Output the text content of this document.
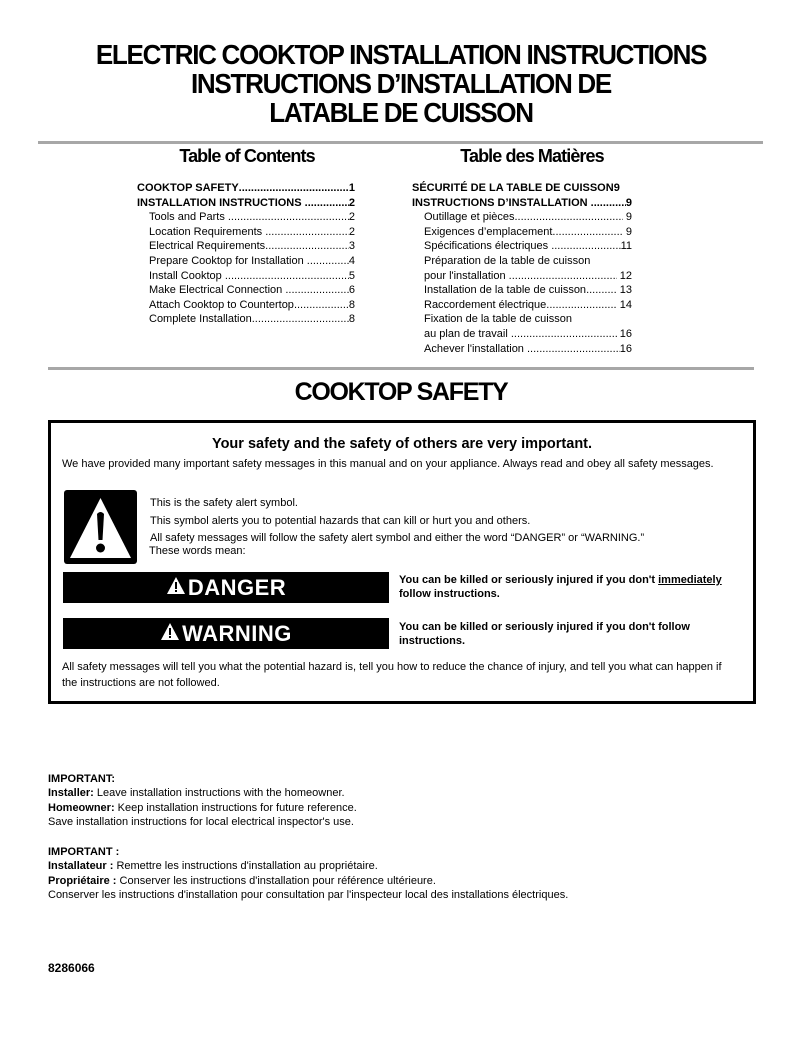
ELECTRIC COOKTOP INSTALLATION INSTRUCTIONS
INSTRUCTIONS D’INSTALLATION DE
LATABLE DE CUISSON
Table of Contents
COOKTOP SAFETY .....	1
INSTALLATION INSTRUCTIONS .....	2
Tools and Parts .....	2
Location Requirements .....	2
Electrical Requirements .....	3
Prepare Cooktop for Installation .....	4
Install Cooktop .....	5
Make Electrical Connection .....	6
Attach Cooktop to Countertop .....	8
Complete Installation .....	8
Table des Matières
SÉCURITÉ DE LA TABLE DE CUISSON 9
INSTRUCTIONS D’INSTALLATION .....	9
Outillage et pièces .....	9
Exigences d’emplacement .....	9
Spécifications électriques .....	11
Préparation de la table de cuisson
pour l'installation .....	12
Installation de la table de cuisson .....	13
Raccordement électrique .....	14
Fixation de la table de cuisson
au plan de travail .....	16
Achever l'installation .....	16
COOKTOP SAFETY
Your safety and the safety of others are very important.
We have provided many important safety messages in this manual and on your appliance. Always read and obey all safety messages.
This is the safety alert symbol.
This symbol alerts you to potential hazards that can kill or hurt you and others.
All safety messages will follow the safety alert symbol and either the word “DANGER” or “WARNING.”
These words mean:
DANGER	You can be killed or seriously injured if you don't immediately
follow instructions.
WARNING	You can be killed or seriously injured if you don't follow instructions.
All safety messages will tell you what the potential hazard is, tell you how to reduce the chance of injury, and tell you what can happen if the instructions are not followed.
IMPORTANT:
Installer: Leave installation instructions with the homeowner.
Homeowner: Keep installation instructions for future reference.
Save installation instructions for local electrical inspector's use.
IMPORTANT :
Installateur : Remettre les instructions d'installation au propriétaire.
Propriétaire : Conserver les instructions d'installation pour référence ultérieure.
Conserver les instructions d'installation pour consultation par l'inspecteur local des installations électriques.
8286066
